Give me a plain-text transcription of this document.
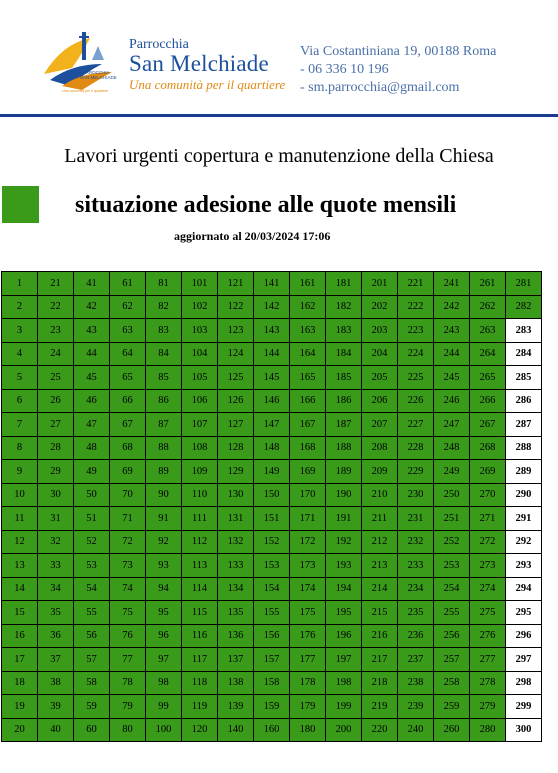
PARROCCHIA
SAN MELCHIADE
Una comunità per il quartiere
Parrocchia
San Melchiade
Una comunità per il quartiere
Via Costantiniana 19, 00188 Roma
- 06 336 10 196
- sm.parrocchia@gmail.com
Lavori urgenti copertura e manutenzione della Chiesa
situazione adesione alle quote mensili
aggiornato al 20/03/2024 17:06
1	21	41	61	81	101	121	141	161	181	201	221	241	261	281
2	22	42	62	82	102	122	142	162	182	202	222	242	262	282
3	23	43	63	83	103	123	143	163	183	203	223	243	263	283
4	24	44	64	84	104	124	144	164	184	204	224	244	264	284
5	25	45	65	85	105	125	145	165	185	205	225	245	265	285
6	26	46	66	86	106	126	146	166	186	206	226	246	266	286
7	27	47	67	87	107	127	147	167	187	207	227	247	267	287
8	28	48	68	88	108	128	148	168	188	208	228	248	268	288
9	29	49	69	89	109	129	149	169	189	209	229	249	269	289
10	30	50	70	90	110	130	150	170	190	210	230	250	270	290
11	31	51	71	91	111	131	151	171	191	211	231	251	271	291
12	32	52	72	92	112	132	152	172	192	212	232	252	272	292
13	33	53	73	93	113	133	153	173	193	213	233	253	273	293
14	34	54	74	94	114	134	154	174	194	214	234	254	274	294
15	35	55	75	95	115	135	155	175	195	215	235	255	275	295
16	36	56	76	96	116	136	156	176	196	216	236	256	276	296
17	37	57	77	97	117	137	157	177	197	217	237	257	277	297
18	38	58	78	98	118	138	158	178	198	218	238	258	278	298
19	39	59	79	99	119	139	159	179	199	219	239	259	279	299
20	40	60	80	100	120	140	160	180	200	220	240	260	280	300
